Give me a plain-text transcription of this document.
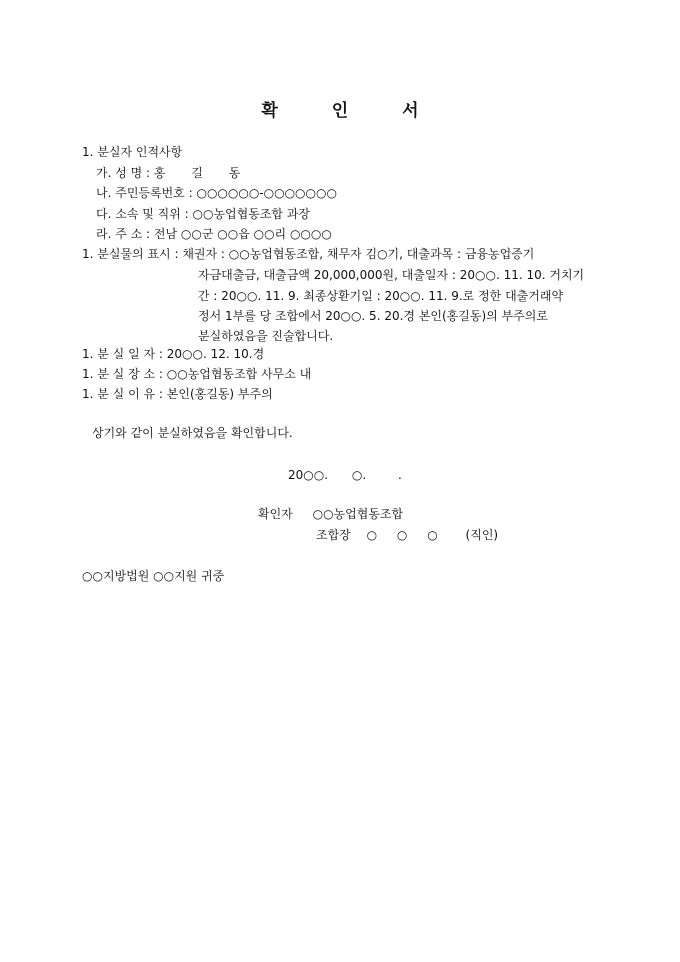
확	인	서
1. 분실자 인적사항
가. 성 명 : 홍 길 동
나. 주민등록번호 : ○○○○○○-○○○○○○○
다. 소속 및 직위 : ○○농업협동조합 과장
라. 주 소 : 전남 ○○군 ○○읍 ○○리 ○○○○
1. 분실물의 표시 : 채권자 : ○○농업협동조합, 채무자 김○기, 대출과목 : 금융농업증기
자금대출금, 대출금액 20,000,000원, 대출일자 : 20○○. 11. 10. 거치기
간 : 20○○. 11. 9. 최종상환기일 : 20○○. 11. 9.로 정한 대출거래약
정서 1부를 당 조합에서 20○○. 5. 20.경 본인(홍길동)의 부주의로
분실하였음을 진술합니다.
1. 분 실 일 자 : 20○○. 12. 10.경
1. 분 실 장 소 : ○○농업협동조합 사무소 내
1. 분 실 이 유 : 본인(홍길동) 부주의
상기와 같이 분실하였음을 확인합니다.
20○○. ○.	.
확인자 ○○농업협동조합
조합장 ○ ○ ○ (직인)
○○지방법원 ○○지원 귀중
